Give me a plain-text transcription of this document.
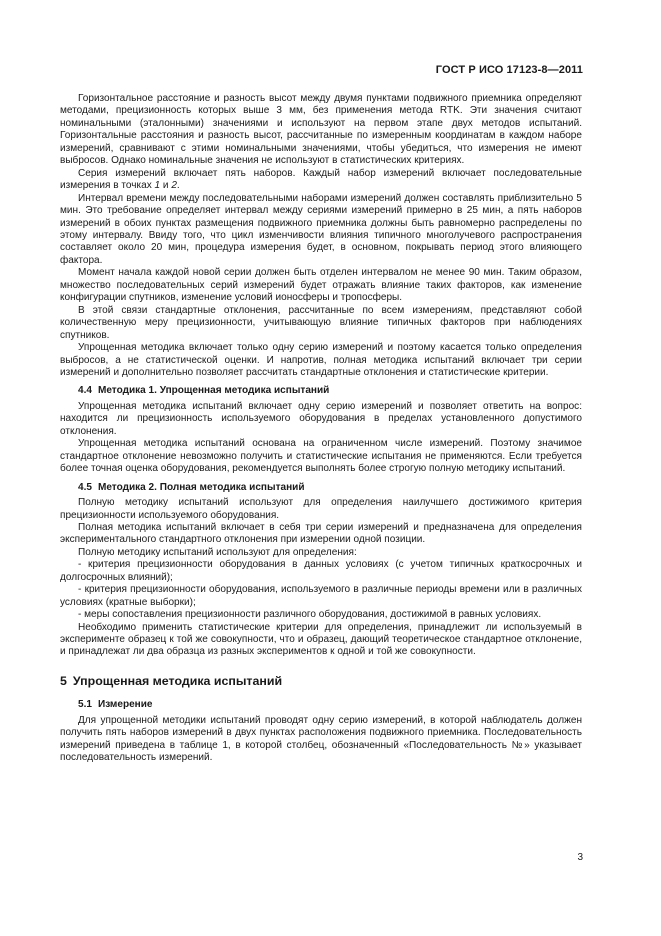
ГОСТ Р ИСО 17123-8—2011

Горизонтальное расстояние и разность высот между двумя пунктами подвижного приемника определяют методами, прецизионность которых выше 3 мм, без применения метода RTK. Эти значения считают номинальными (эталонными) значениями и используют на первом этапе двух методов испытаний. Горизонтальные расстояния и разность высот, рассчитанные по измеренным координатам в каждом наборе измерений, сравнивают с этими номинальными значениями, чтобы убедиться, что измерения не имеют выбросов. Однако номинальные значения не используют в статистических критериях.

Серия измерений включает пять наборов. Каждый набор измерений включает последовательные измерения в точках 1 и 2.

Интервал времени между последовательными наборами измерений должен составлять приблизительно 5 мин. Это требование определяет интервал между сериями измерений примерно в 25 мин, а пять наборов измерений в обоих пунктах размещения подвижного приемника должны быть равномерно распределены по этому интервалу. Ввиду того, что цикл изменчивости влияния типичного многолучевого распространения составляет около 20 мин, процедура измерения будет, в основном, покрывать период этого влияющего фактора.

Момент начала каждой новой серии должен быть отделен интервалом не менее 90 мин. Таким образом, множество последовательных серий измерений будет отражать влияние таких факторов, как изменение конфигурации спутников, изменение условий ионосферы и тропосферы.

В этой связи стандартные отклонения, рассчитанные по всем измерениям, представляют собой количественную меру прецизионности, учитывающую влияние типичных факторов при наблюдениях спутников.

Упрощенная методика включает только одну серию измерений и поэтому касается только определения выбросов, а не статистической оценки. И напротив, полная методика испытаний включает три серии измерений и дополнительно позволяет рассчитать стандартные отклонения и статистические критерии.

4.4 Методика 1. Упрощенная методика испытаний

Упрощенная методика испытаний включает одну серию измерений и позволяет ответить на вопрос: находится ли прецизионность используемого оборудования в пределах установленного допустимого отклонения.

Упрощенная методика испытаний основана на ограниченном числе измерений. Поэтому значимое стандартное отклонение невозможно получить и статистические испытания не применяются. Если требуется более точная оценка оборудования, рекомендуется выполнять более строгую полную методику испытаний.

4.5 Методика 2. Полная методика испытаний

Полную методику испытаний используют для определения наилучшего достижимого критерия прецизионности используемого оборудования.

Полная методика испытаний включает в себя три серии измерений и предназначена для определения экспериментального стандартного отклонения при измерении одной позиции.

Полную методику испытаний используют для определения:

- критерия прецизионности оборудования в данных условиях (с учетом типичных краткосрочных и долгосрочных влияний);

- критерия прецизионности оборудования, используемого в различные периоды времени или в различных условиях (кратные выборки);

- меры сопоставления прецизионности различного оборудования, достижимой в равных условиях.

Необходимо применить статистические критерии для определения, принадлежит ли используемый в эксперименте образец к той же совокупности, что и образец, дающий теоретическое стандартное отклонение, и принадлежат ли два образца из разных экспериментов к одной и той же совокупности.

5 Упрощенная методика испытаний
5.1 Измерение

Для упрощенной методики испытаний проводят одну серию измерений, в которой наблюдатель должен получить пять наборов измерений в двух пунктах расположения подвижного приемника. Последовательность измерений приведена в таблице 1, в которой столбец, обозначенный «Последовательность №» указывает последовательность измерений.

3
